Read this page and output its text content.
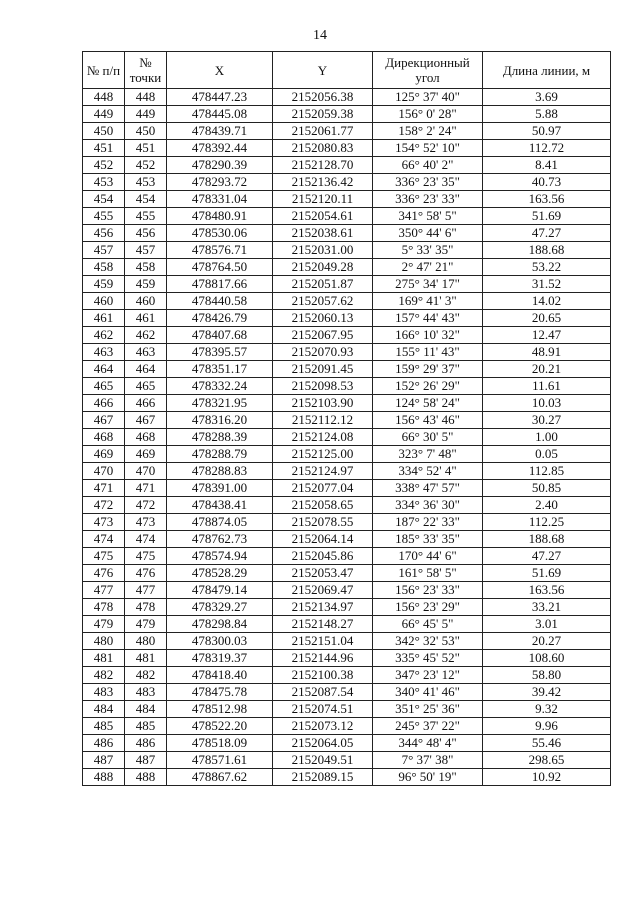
14
№ п/п	№ точки	X	Y	Дирекционный угол	Длина линии, м
448	448	478447.23	2152056.38	125° 37' 40"	3.69
449	449	478445.08	2152059.38	156° 0' 28"	5.88
450	450	478439.71	2152061.77	158° 2' 24"	50.97
451	451	478392.44	2152080.83	154° 52' 10"	112.72
452	452	478290.39	2152128.70	66° 40' 2"	8.41
453	453	478293.72	2152136.42	336° 23' 35"	40.73
454	454	478331.04	2152120.11	336° 23' 33"	163.56
455	455	478480.91	2152054.61	341° 58' 5"	51.69
456	456	478530.06	2152038.61	350° 44' 6"	47.27
457	457	478576.71	2152031.00	5° 33' 35"	188.68
458	458	478764.50	2152049.28	2° 47' 21"	53.22
459	459	478817.66	2152051.87	275° 34' 17"	31.52
460	460	478440.58	2152057.62	169° 41' 3"	14.02
461	461	478426.79	2152060.13	157° 44' 43"	20.65
462	462	478407.68	2152067.95	166° 10' 32"	12.47
463	463	478395.57	2152070.93	155° 11' 43"	48.91
464	464	478351.17	2152091.45	159° 29' 37"	20.21
465	465	478332.24	2152098.53	152° 26' 29"	11.61
466	466	478321.95	2152103.90	124° 58' 24"	10.03
467	467	478316.20	2152112.12	156° 43' 46"	30.27
468	468	478288.39	2152124.08	66° 30' 5"	1.00
469	469	478288.79	2152125.00	323° 7' 48"	0.05
470	470	478288.83	2152124.97	334° 52' 4"	112.85
471	471	478391.00	2152077.04	338° 47' 57"	50.85
472	472	478438.41	2152058.65	334° 36' 30"	2.40
473	473	478874.05	2152078.55	187° 22' 33"	112.25
474	474	478762.73	2152064.14	185° 33' 35"	188.68
475	475	478574.94	2152045.86	170° 44' 6"	47.27
476	476	478528.29	2152053.47	161° 58' 5"	51.69
477	477	478479.14	2152069.47	156° 23' 33"	163.56
478	478	478329.27	2152134.97	156° 23' 29"	33.21
479	479	478298.84	2152148.27	66° 45' 5"	3.01
480	480	478300.03	2152151.04	342° 32' 53"	20.27
481	481	478319.37	2152144.96	335° 45' 52"	108.60
482	482	478418.40	2152100.38	347° 23' 12"	58.80
483	483	478475.78	2152087.54	340° 41' 46"	39.42
484	484	478512.98	2152074.51	351° 25' 36"	9.32
485	485	478522.20	2152073.12	245° 37' 22"	9.96
486	486	478518.09	2152064.05	344° 48' 4"	55.46
487	487	478571.61	2152049.51	7° 37' 38"	298.65
488	488	478867.62	2152089.15	96° 50' 19"	10.92
